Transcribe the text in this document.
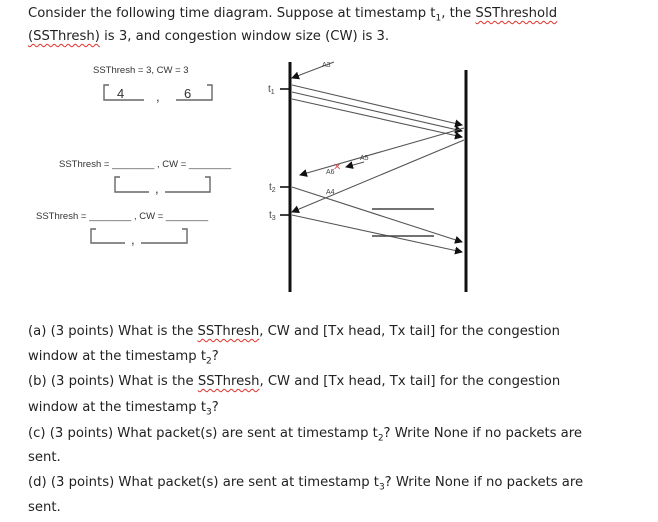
Consider the following time diagram. Suppose at timestamp $t_1$, the SSThreshold
(SSThresh) is 3, and congestion window size (CW) is 3.
SSThresh = 3, CW = 3
SSThresh = ________ , CW = ________
SSThresh = ________ , CW = ________
4 , 6
,
,
$t_1$
$t_2$
$t_3$
✕
A3
A5
A6
A4
(a) (3 points) What is the SSThresh, CW and [Tx head, Tx tail] for the congestion
window at the timestamp $t_2$?
(b) (3 points) What is the SSThresh, CW and [Tx head, Tx tail] for the congestion
window at the timestamp $t_3$?
(c) (3 points) What packet(s) are sent at timestamp $t_2$? Write None if no packets are
sent.
(d) (3 points) What packet(s) are sent at timestamp $t_3$? Write None if no packets are
sent.
